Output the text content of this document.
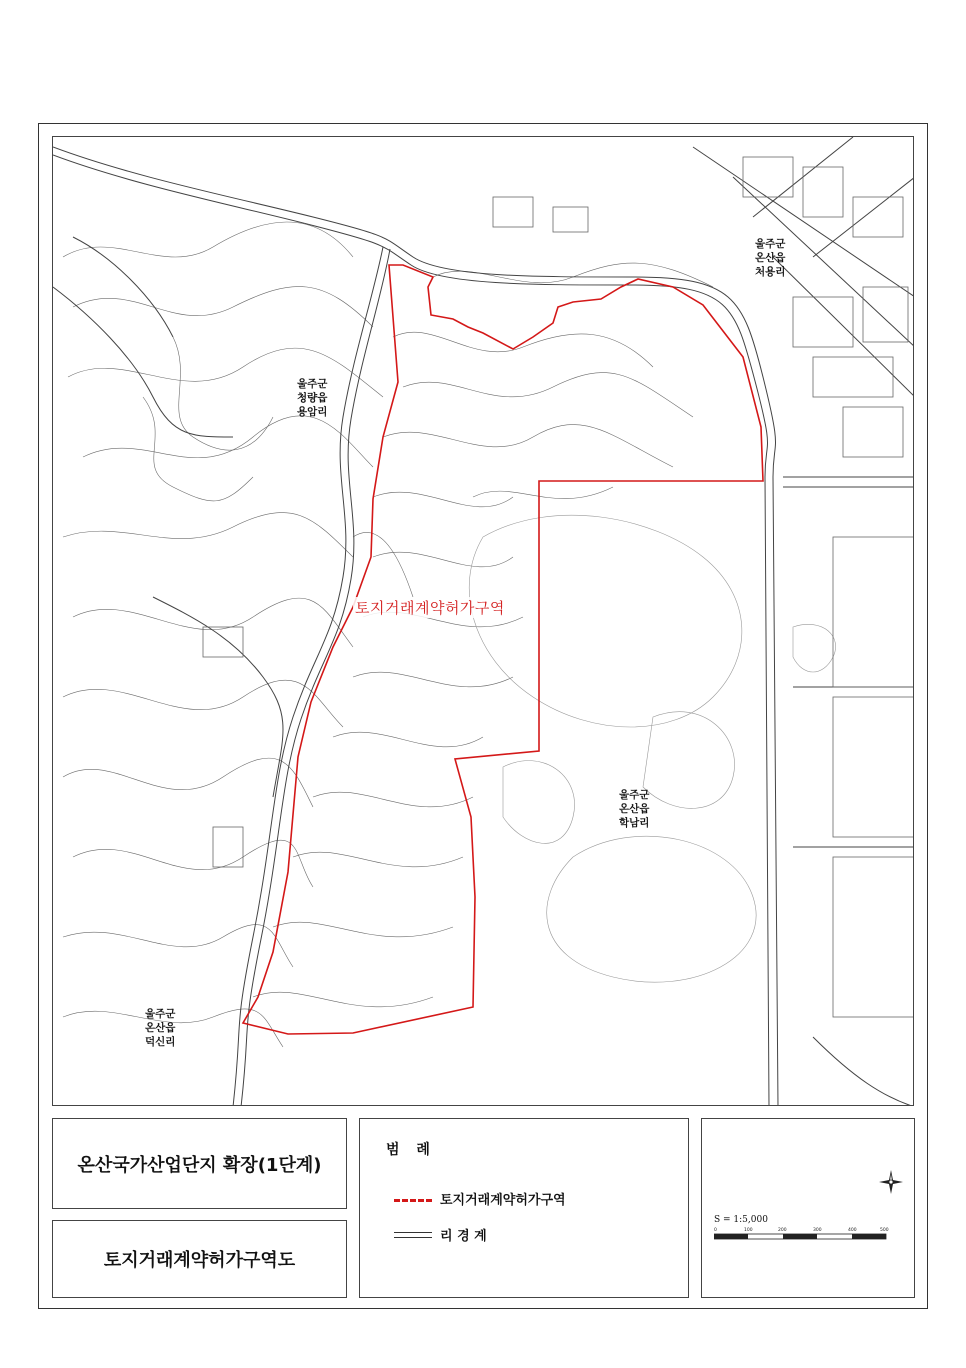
울주군
온산읍
처용리
울주군
청량읍
용암리
울주군
온산읍
학남리
울주군
온산읍
덕신리
토지거래계약허가구역
온산국가산업단지 확장(1단계)
토지거래계약허가구역도
범 례
토지거래계약허가구역
리 경 계
S = 1:5,000
0	100	200	300	400	500
